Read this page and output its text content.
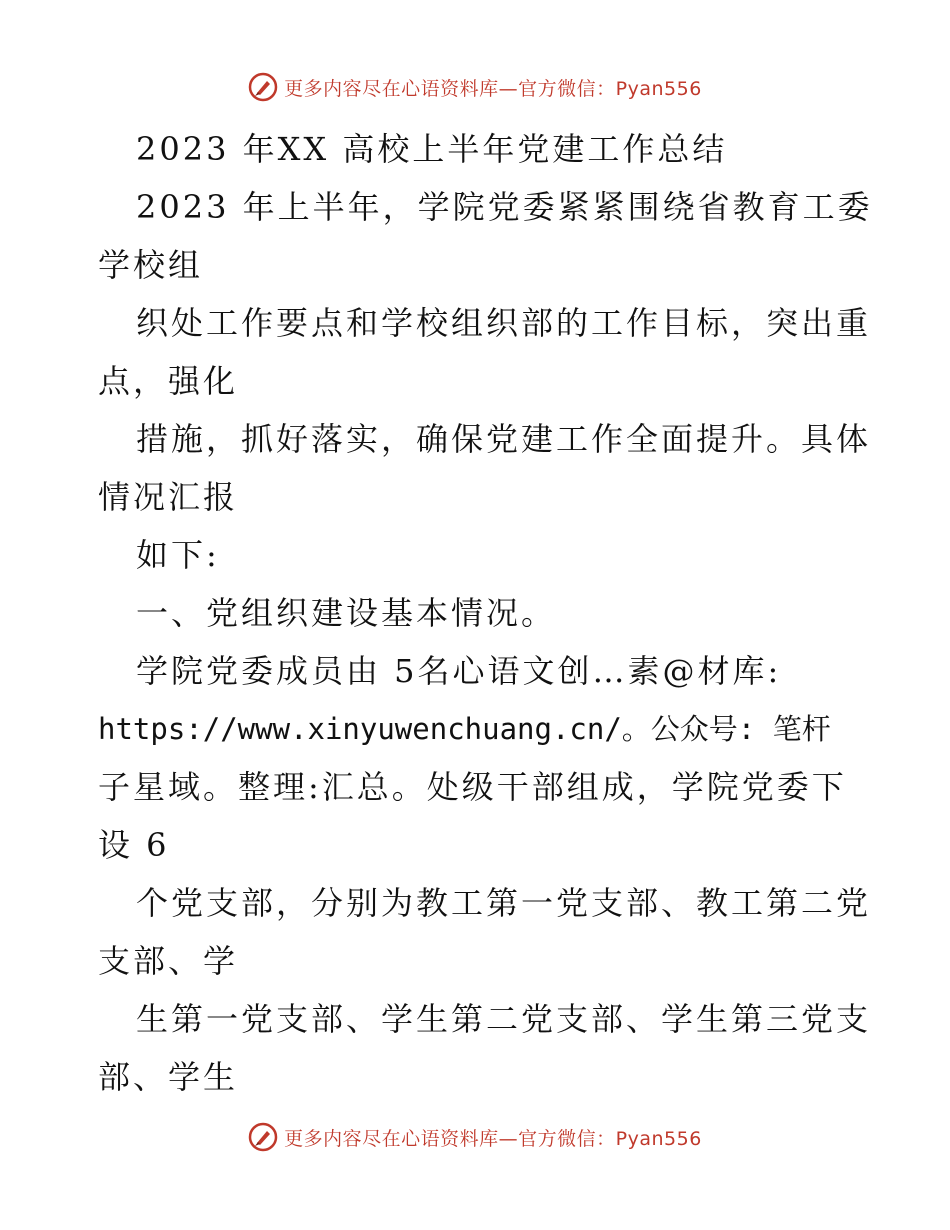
更多内容尽在心语资料库—官方微信：Pyan556
2023 年XX 高校上半年党建工作总结
2023 年上半年，学院党委紧紧围绕省教育工委
学校组
织处工作要点和学校组织部的工作目标，突出重
点，强化
措施，抓好落实，确保党建工作全面提升。具体
情况汇报
如下:
一、党组织建设基本情况。
学院党委成员由 5名心语文创…素@材库:
https://www.xinyuwenchuang.cn/。公众号: 笔杆
子星域。整理:汇总。处级干部组成，学院党委下
设 6
个党支部，分别为教工第一党支部、教工第二党
支部、学
生第一党支部、学生第二党支部、学生第三党支
部、学生
更多内容尽在心语资料库—官方微信：Pyan556
